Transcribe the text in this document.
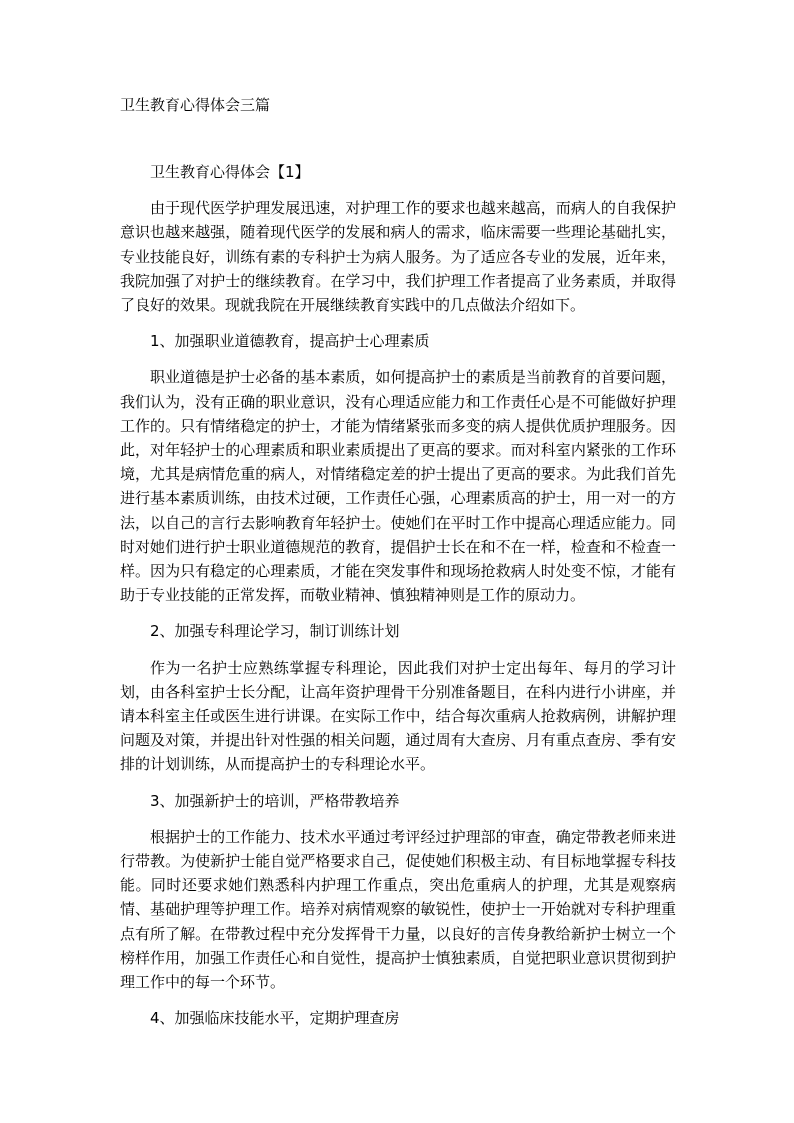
卫生教育心得体会三篇
卫生教育心得体会【1】
由于现代医学护理发展迅速，对护理工作的要求也越来越高，而病人的自我保护意识也越来越强，随着现代医学的发展和病人的需求，临床需要一些理论基础扎实，专业技能良好，训练有素的专科护士为病人服务。为了适应各专业的发展，近年来，我院加强了对护士的继续教育。在学习中，我们护理工作者提高了业务素质，并取得了良好的效果。现就我院在开展继续教育实践中的几点做法介绍如下。
1、加强职业道德教育，提高护士心理素质
职业道德是护士必备的基本素质，如何提高护士的素质是当前教育的首要问题，我们认为，没有正确的职业意识，没有心理适应能力和工作责任心是不可能做好护理工作的。只有情绪稳定的护士，才能为情绪紧张而多变的病人提供优质护理服务。因此，对年轻护士的心理素质和职业素质提出了更高的要求。而对科室内紧张的工作环境，尤其是病情危重的病人，对情绪稳定差的护士提出了更高的要求。为此我们首先进行基本素质训练，由技术过硬，工作责任心强，心理素质高的护士，用一对一的方法，以自己的言行去影响教育年轻护士。使她们在平时工作中提高心理适应能力。同时对她们进行护士职业道德规范的教育，提倡护士长在和不在一样，检查和不检查一样。因为只有稳定的心理素质，才能在突发事件和现场抢救病人时处变不惊，才能有助于专业技能的正常发挥，而敬业精神、慎独精神则是工作的原动力。
2、加强专科理论学习，制订训练计划
作为一名护士应熟练掌握专科理论，因此我们对护士定出每年、每月的学习计划，由各科室护士长分配，让高年资护理骨干分别准备题目，在科内进行小讲座，并请本科室主任或医生进行讲课。在实际工作中，结合每次重病人抢救病例，讲解护理问题及对策，并提出针对性强的相关问题，通过周有大查房、月有重点查房、季有安排的计划训练，从而提高护士的专科理论水平。
3、加强新护士的培训，严格带教培养
根据护士的工作能力、技术水平通过考评经过护理部的审查，确定带教老师来进行带教。为使新护士能自觉严格要求自己，促使她们积极主动、有目标地掌握专科技能。同时还要求她们熟悉科内护理工作重点，突出危重病人的护理，尤其是观察病情、基础护理等护理工作。培养对病情观察的敏锐性，使护士一开始就对专科护理重点有所了解。在带教过程中充分发挥骨干力量，以良好的言传身教给新护士树立一个榜样作用，加强工作责任心和自觉性，提高护士慎独素质，自觉把职业意识贯彻到护理工作中的每一个环节。
4、加强临床技能水平，定期护理查房
